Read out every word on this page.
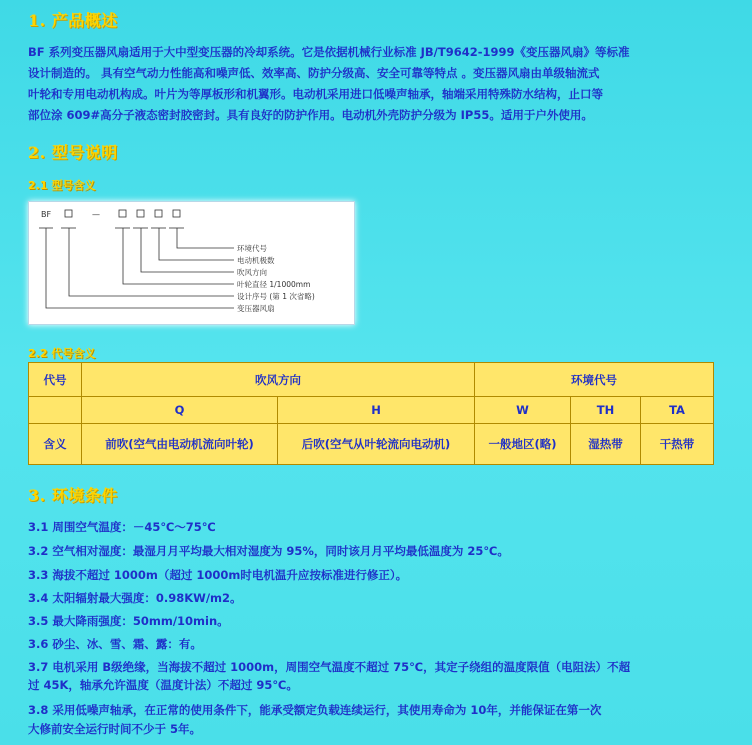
1. 产品概述
BF 系列变压器风扇适用于大中型变压器的冷却系统。它是依据机械行业标准 JB/T9642-1999《变压器风扇》等标准
设计制造的。 具有空气动力性能高和噪声低、效率高、防护分级高、安全可靠等特点 。变压器风扇由单级轴流式
叶轮和专用电动机构成。叶片为等厚板形和机翼形。电动机采用进口低噪声轴承，轴端采用特殊防水结构，止口等
部位涂 609#高分子液态密封胶密封。具有良好的防护作用。电动机外壳防护分级为 IP55。适用于户外使用。
2. 型号说明
2.1 型号含义
BF	—
环境代号
电动机极数
吹风方向
叶轮直径 1/1000mm
设计序号 (第 1 次省略)
变压器风扇
2.2 代号含义
代号	吹风方向		环境代号		
	Q	H	W	TH	TA
含义	前吹(空气由电动机流向叶轮)	后吹(空气从叶轮流向电动机)	一般地区(略)	湿热带	干热带
3. 环境条件
3.1 周围空气温度：－45℃～75℃
3.2 空气相对湿度：最湿月月平均最大相对湿度为 95%，同时该月月平均最低温度为 25℃。
3.3 海拔不超过 1000m（超过 1000m时电机温升应按标准进行修正）。
3.4 太阳辐射最大强度：0.98KW/m2。
3.5 最大降雨强度：50mm/10min。
3.6 砂尘、冰、雪、霜、露：有。
3.7 电机采用 B级绝缘，当海拔不超过 1000m，周围空气温度不超过 75℃，其定子绕组的温度限值（电阻法）不超
过 45K，轴承允许温度（温度计法）不超过 95℃。
3.8 采用低噪声轴承，在正常的使用条件下，能承受额定负载连续运行，其使用寿命为 10年，并能保证在第一次
大修前安全运行时间不少于 5年。
